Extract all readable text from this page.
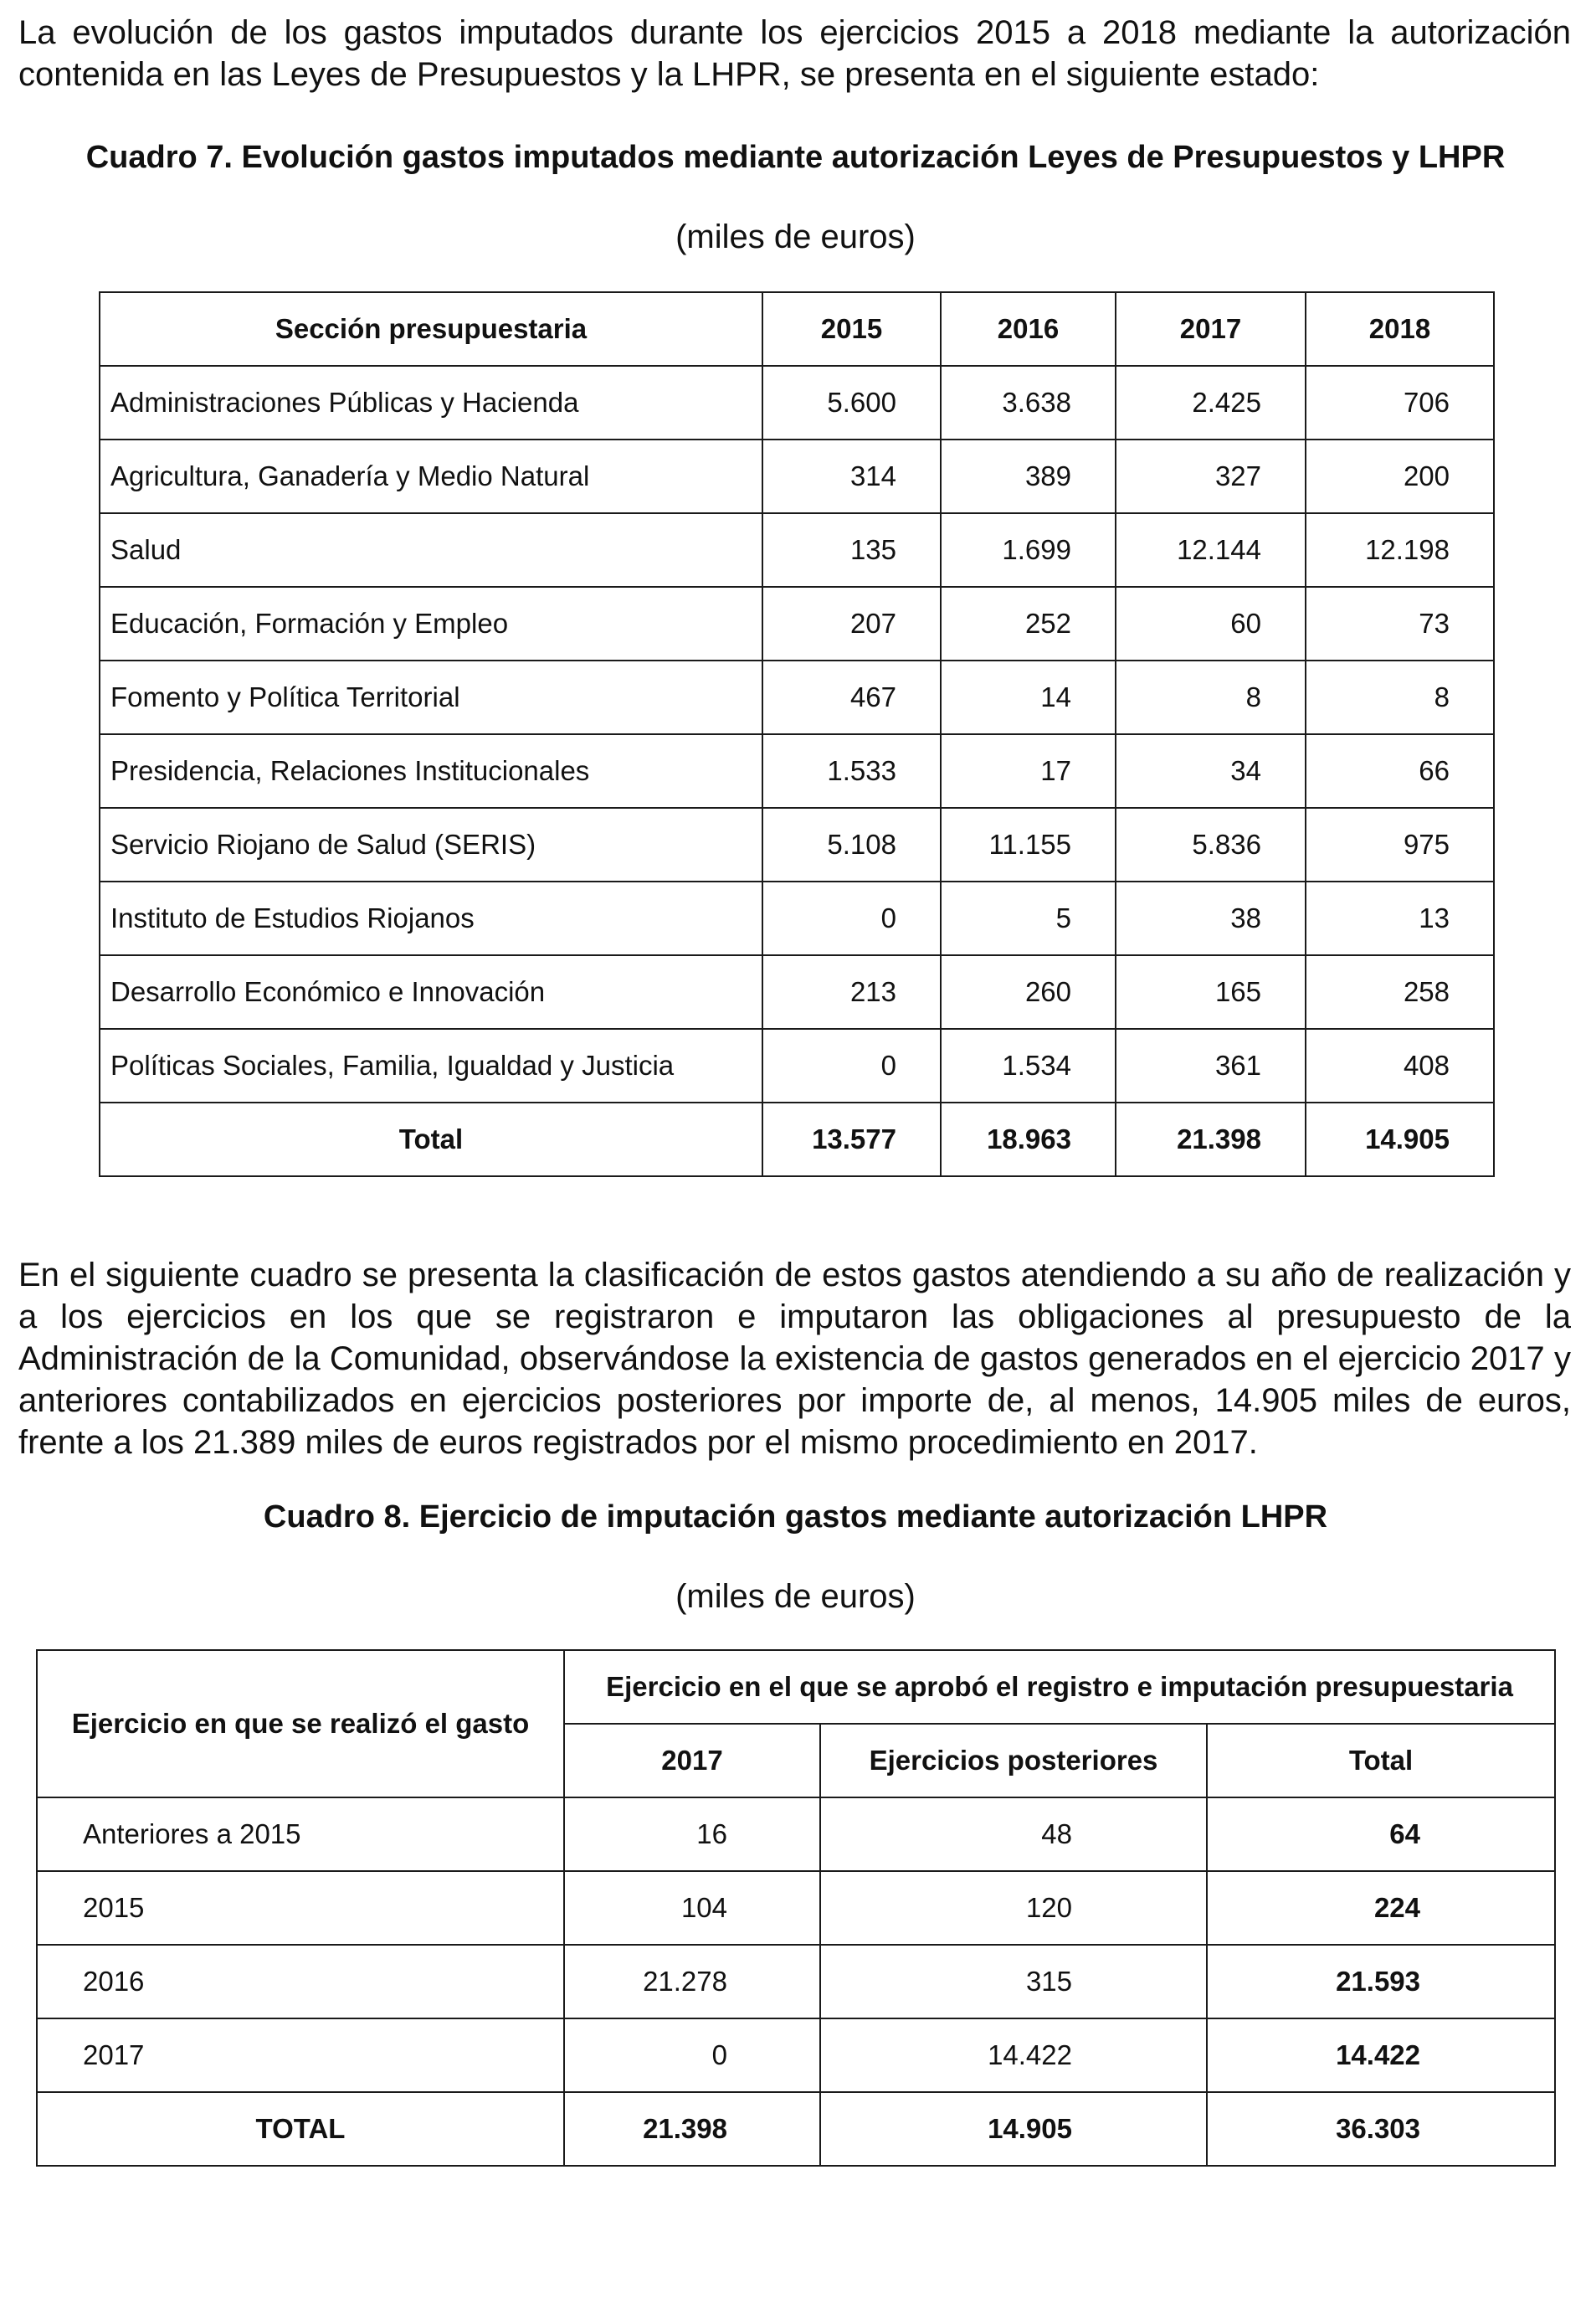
La evolución de los gastos imputados durante los ejercicios 2015 a 2018 mediante la autorización contenida en las Leyes de Presupuestos y la LHPR, se presenta en el siguiente estado:

Cuadro 7. Evolución gastos imputados mediante autorización Leyes de Presupuestos y LHPR
(miles de euros)
Sección presupuestaria	2015	2016	2017	2018
Administraciones Públicas y Hacienda	5.600	3.638	2.425	706
Agricultura, Ganadería y Medio Natural	314	389	327	200
Salud	135	1.699	12.144	12.198
Educación, Formación y Empleo	207	252	60	73
Fomento y Política Territorial	467	14	8	8
Presidencia, Relaciones Institucionales	1.533	17	34	66
Servicio Riojano de Salud (SERIS)	5.108	11.155	5.836	975
Instituto de Estudios Riojanos	0	5	38	13
Desarrollo Económico e Innovación	213	260	165	258
Políticas Sociales, Familia, Igualdad y Justicia	0	1.534	361	408
Total	13.577	18.963	21.398	14.905

En el siguiente cuadro se presenta la clasificación de estos gastos atendiendo a su año de realización y a los ejercicios en los que se registraron e imputaron las obligaciones al presupuesto de la Administración de la Comunidad, observándose la existencia de gastos generados en el ejercicio 2017 y anteriores contabilizados en ejercicios posteriores por importe de, al menos, 14.905 miles de euros, frente a los 21.389 miles de euros registrados por el mismo procedimiento en 2017.

Cuadro 8. Ejercicio de imputación gastos mediante autorización LHPR
(miles de euros)
Ejercicio en que se realizó el gasto	Ejercicio en el que se aprobó el registro e imputación presupuestaria		
	2017	Ejercicios posteriores	Total
Anteriores a 2015	16	48	64
2015	104	120	224
2016	21.278	315	21.593
2017	0	14.422	14.422
TOTAL	21.398	14.905	36.303
